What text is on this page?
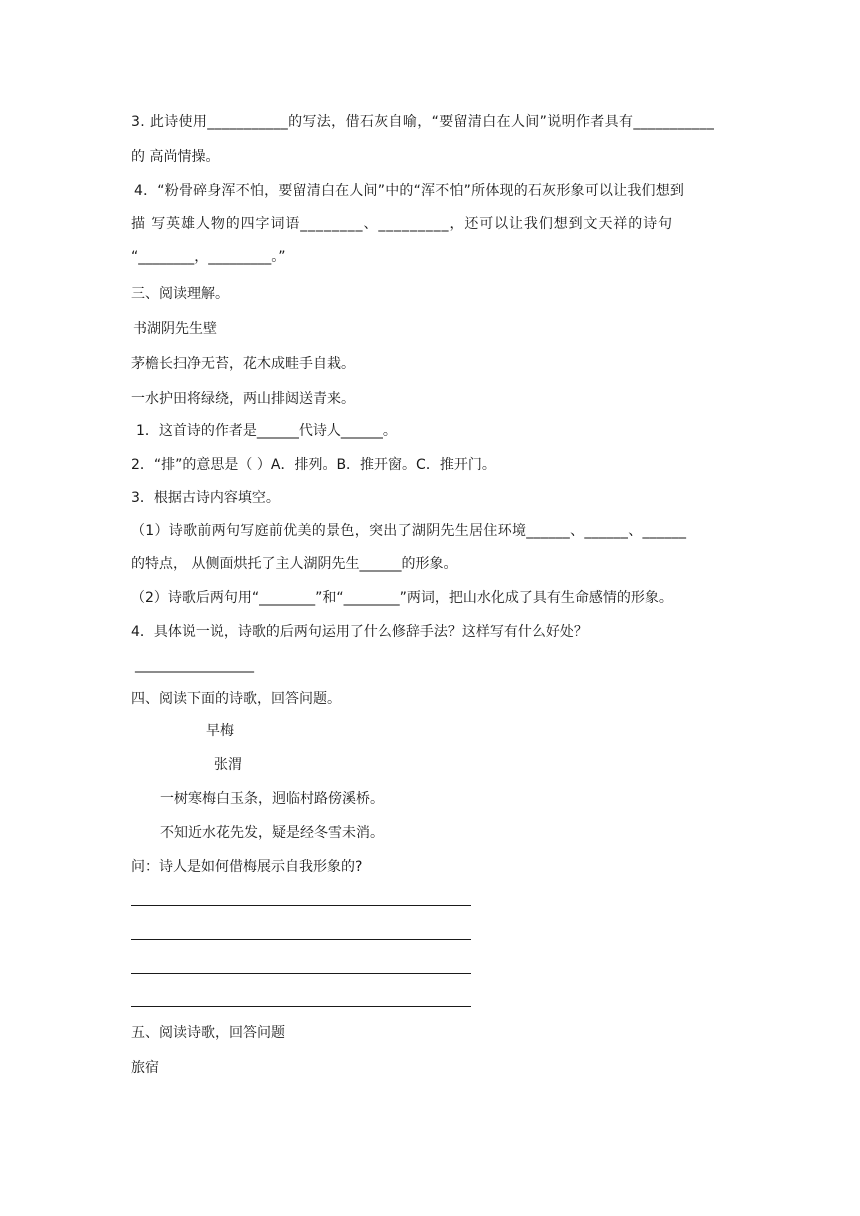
3. 此诗使用___________的写法，借石灰自喻，“要留清白在人间”说明作者具有___________
的 高尚情操。
4．“粉骨碎身浑不怕，要留清白在人间”中的“浑不怕”所体现的石灰形象可以让我们想到
描 写英雄人物的四字词语________、_________，还可以让我们想到文天祥的诗句
“________，_________。”
三、阅读理解。
书湖阴先生壁
茅檐长扫净无苔，花木成畦手自栽。
一水护田将绿绕，两山排闼送青来。
1．这首诗的作者是______代诗人______。
2．“排”的意思是（ ）A．排列。B．推开窗。C．推开门。
3．根据古诗内容填空。
（1）诗歌前两句写庭前优美的景色，突出了湖阴先生居住环境______、______、______
的特点， 从侧面烘托了主人湖阴先生______的形象。
（2）诗歌后两句用“________”和“________”两词，把山水化成了具有生命感情的形象。
4．具体说一说，诗歌的后两句运用了什么修辞手法？这样写有什么好处？
_________________
四、阅读下面的诗歌，回答问题。
早梅
张渭
一树寒梅白玉条，迥临村路傍溪桥。
不知近水花先发，疑是经冬雪未消。
问：诗人是如何借梅展示自我形象的?
五、阅读诗歌，回答问题
旅宿
